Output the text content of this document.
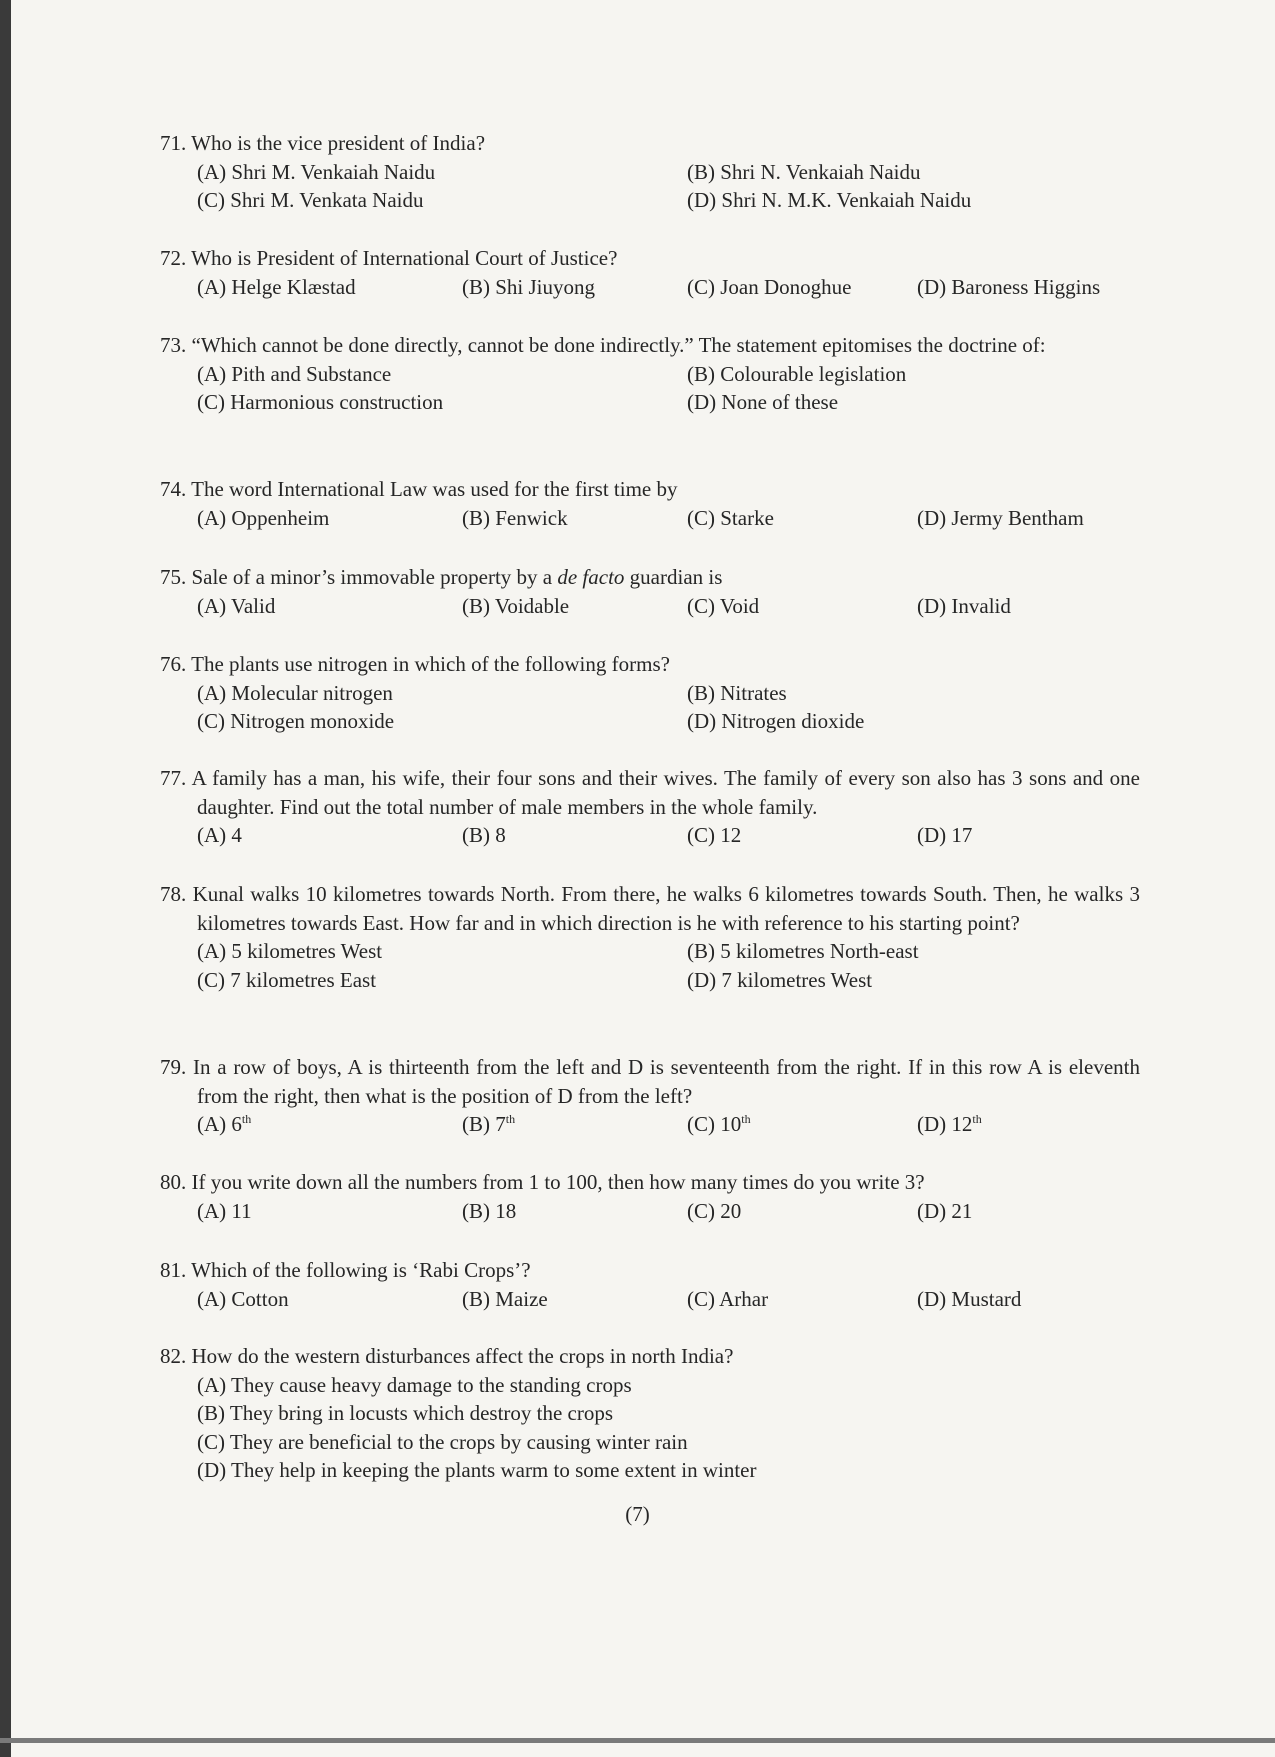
71. Who is the vice president of India?
(A) Shri M. Venkaiah Naidu	(B) Shri N. Venkaiah Naidu
(C) Shri M. Venkata Naidu	(D) Shri N. M.K. Venkaiah Naidu
72. Who is President of International Court of Justice?
(A) Helge Klæstad	(B) Shi Jiuyong	(C) Joan Donoghue	(D) Baroness Higgins
73. “Which cannot be done directly, cannot be done indirectly.” The statement epitomises the doctrine of:
(A) Pith and Substance	(B) Colourable legislation
(C) Harmonious construction	(D) None of these
74. The word International Law was used for the first time by
(A) Oppenheim	(B) Fenwick	(C) Starke	(D) Jermy Bentham
75. Sale of a minor’s immovable property by a de facto guardian is
(A) Valid	(B) Voidable	(C) Void	(D) Invalid
76. The plants use nitrogen in which of the following forms?
(A) Molecular nitrogen	(B) Nitrates
(C) Nitrogen monoxide	(D) Nitrogen dioxide
77. A family has a man, his wife, their four sons and their wives. The family of every son also has 3 sons and one daughter. Find out the total number of male members in the whole family.
(A) 4	(B) 8	(C) 12	(D) 17
78. Kunal walks 10 kilometres towards North. From there, he walks 6 kilometres towards South. Then, he walks 3 kilometres towards East. How far and in which direction is he with reference to his starting point?
(A) 5 kilometres West	(B) 5 kilometres North-east
(C) 7 kilometres East	(D) 7 kilometres West
79. In a row of boys, A is thirteenth from the left and D is seventeenth from the right. If in this row A is eleventh from the right, then what is the position of D from the left?
(A) 6th	(B) 7th	(C) 10th	(D) 12th
80. If you write down all the numbers from 1 to 100, then how many times do you write 3?
(A) 11	(B) 18	(C) 20	(D) 21
81. Which of the following is ‘Rabi Crops’?
(A) Cotton	(B) Maize	(C) Arhar	(D) Mustard
82. How do the western disturbances affect the crops in north India?
(A) They cause heavy damage to the standing crops
(B) They bring in locusts which destroy the crops
(C) They are beneficial to the crops by causing winter rain
(D) They help in keeping the plants warm to some extent in winter
(7)
